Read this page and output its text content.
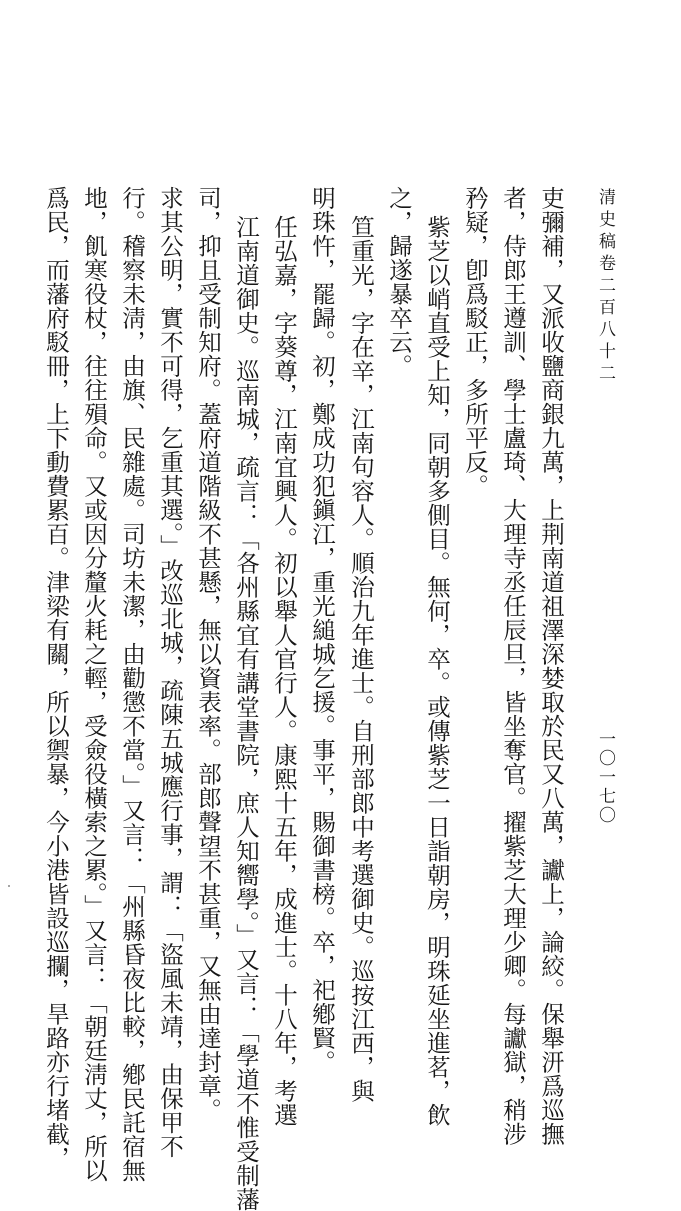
清史稿卷二百八十二
吏彌補，又派收鹽商銀九萬，上荆南道祖澤深婪取於民又八萬，讞上，論絞。保舉汧爲巡撫
者，侍郎王遵訓、學士盧琦、大理寺丞任辰旦，皆坐奪官。擢紫芝大理少卿。每讞獄，稍涉
矜疑，卽爲駁正，多所平反。
紫芝以峭直受上知，同朝多側目。無何，卒。或傳紫芝一日詣朝房，明珠延坐進茗，飲
之，歸遂暴卒云。
笪重光，字在辛，江南句容人。順治九年進士。自刑部郎中考選御史。巡按江西，與
明珠忤，罷歸。初，鄭成功犯鎭江，重光縋城乞援。事平，賜御書榜。卒，祀鄕賢。
任弘嘉，字葵尊，江南宜興人。初以舉人官行人。康熙十五年，成進士。十八年，考選
江南道御史。巡南城，疏言：「各州縣宜有講堂書院，庶人知嚮學。」又言：「學道不惟受制藩
司，抑且受制知府。蓋府道階級不甚懸，無以資表率。部郎聲望不甚重，又無由達封章。
求其公明，實不可得，乞重其選。」改巡北城，疏陳五城應行事，謂：「盜風未靖，由保甲不
行。稽察未淸，由旗、民雜處。司坊未潔，由勸懲不當。」又言：「州縣昏夜比較，鄕民託宿無
地，飢寒役杖，往往殞命。又或因分釐火耗之輕，受僉役橫索之累。」又言：「朝廷淸丈，所以
爲民，而藩府駁冊，上下動費累百。津梁有關，所以禦暴，今小港皆設巡攔，旱路亦行堵截，	一〇一七〇
